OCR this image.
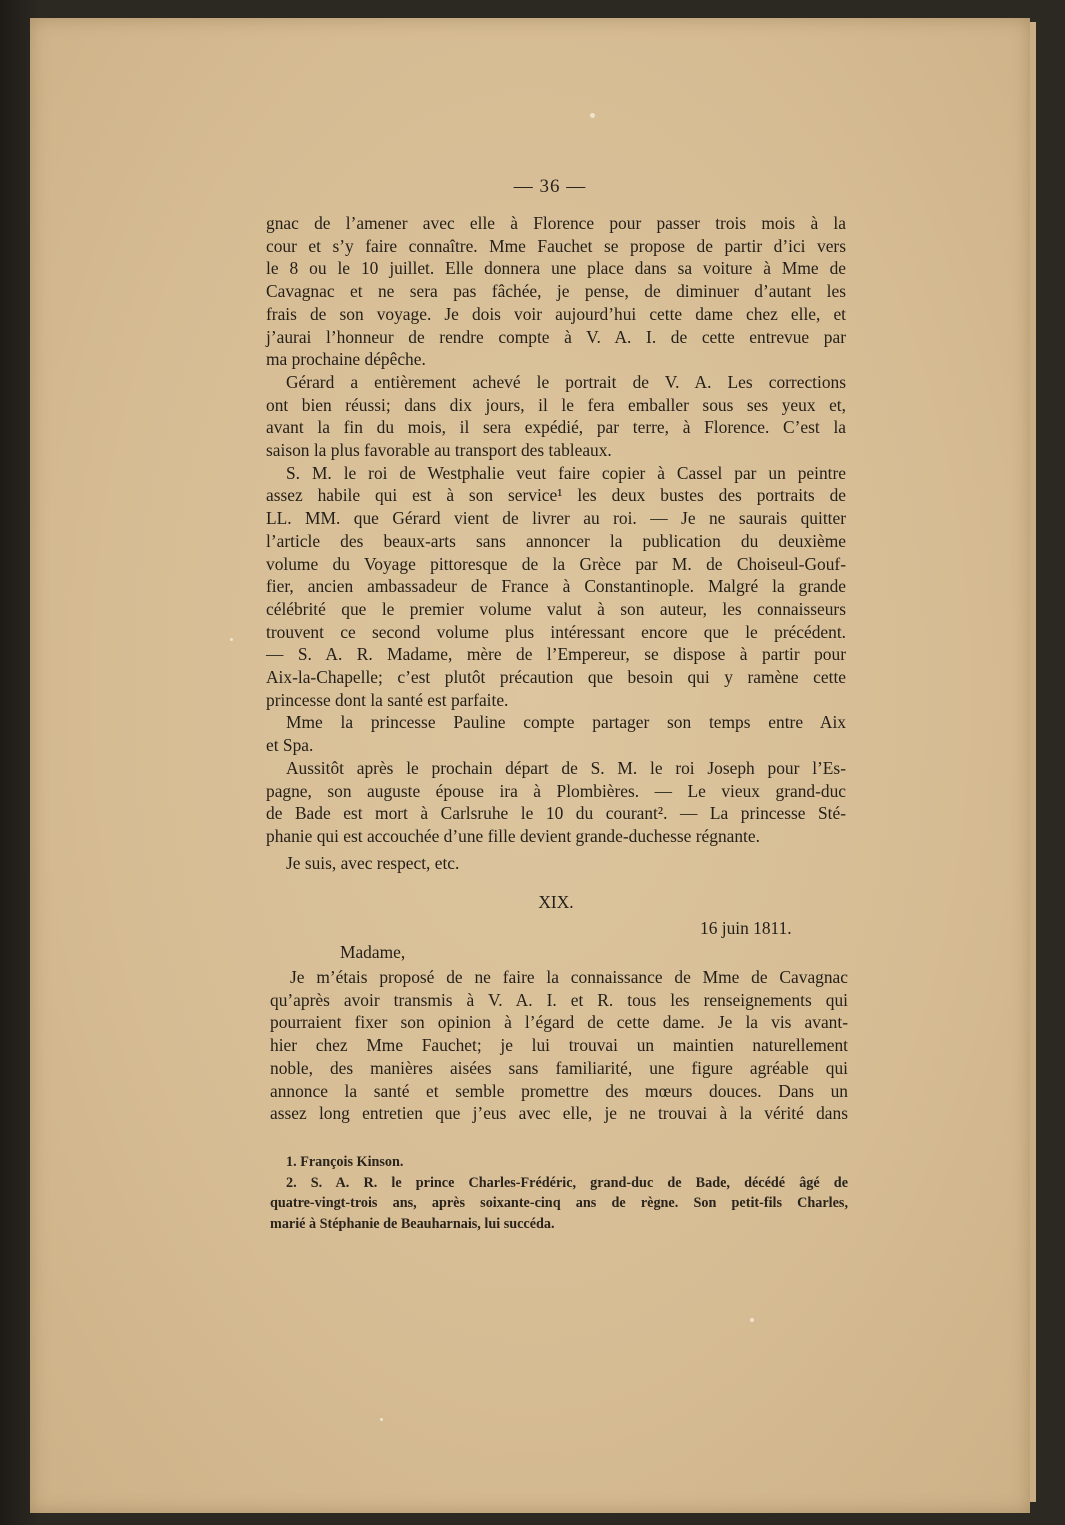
— 36 —

gnac de l’amener avec elle à Florence pour passer trois mois à la
cour et s’y faire connaître. Mme Fauchet se propose de partir d’ici vers
le 8 ou le 10 juillet. Elle donnera une place dans sa voiture à Mme de
Cavagnac et ne sera pas fâchée, je pense, de diminuer d’autant les
frais de son voyage. Je dois voir aujourd’hui cette dame chez elle, et
j’aurai l’honneur de rendre compte à V. A. I. de cette entrevue par
ma prochaine dépêche.

Gérard a entièrement achevé le portrait de V. A. Les corrections

ont bien réussi; dans dix jours, il le fera emballer sous ses yeux et,
avant la fin du mois, il sera expédié, par terre, à Florence. C’est la
saison la plus favorable au transport des tableaux.

S. M. le roi de Westphalie veut faire copier à Cassel par un peintre

assez habile qui est à son service¹ les deux bustes des portraits de
LL. MM. que Gérard vient de livrer au roi. — Je ne saurais quitter
l’article des beaux-arts sans annoncer la publication du deuxième
volume du Voyage pittoresque de la Grèce par M. de Choiseul-Gouf-
fier, ancien ambassadeur de France à Constantinople. Malgré la grande
célébrité que le premier volume valut à son auteur, les connaisseurs
trouvent ce second volume plus intéressant encore que le précédent.
— S. A. R. Madame, mère de l’Empereur, se dispose à partir pour
Aix-la-Chapelle; c’est plutôt précaution que besoin qui y ramène cette
princesse dont la santé est parfaite.

Mme la princesse Pauline compte partager son temps entre Aix

et Spa.

Aussitôt après le prochain départ de S. M. le roi Joseph pour l’Es-

pagne, son auguste épouse ira à Plombières. — Le vieux grand-duc
de Bade est mort à Carlsruhe le 10 du courant². — La princesse Sté-
phanie qui est accouchée d’une fille devient grande-duchesse régnante.

Je suis, avec respect, etc.

XIX.
16 juin 1811.
Madame,

Je m’étais proposé de ne faire la connaissance de Mme de Cavagnac

qu’après avoir transmis à V. A. I. et R. tous les renseignements qui
pourraient fixer son opinion à l’égard de cette dame. Je la vis avant-
hier chez Mme Fauchet; je lui trouvai un maintien naturellement
noble, des manières aisées sans familiarité, une figure agréable qui
annonce la santé et semble promettre des mœurs douces. Dans un
assez long entretien que j’eus avec elle, je ne trouvai à la vérité dans

1. François Kinson.

2. S. A. R. le prince Charles-Frédéric, grand-duc de Bade, décédé âgé de

quatre-vingt-trois ans, après soixante-cinq ans de règne. Son petit-fils Charles,
marié à Stéphanie de Beauharnais, lui succéda.
